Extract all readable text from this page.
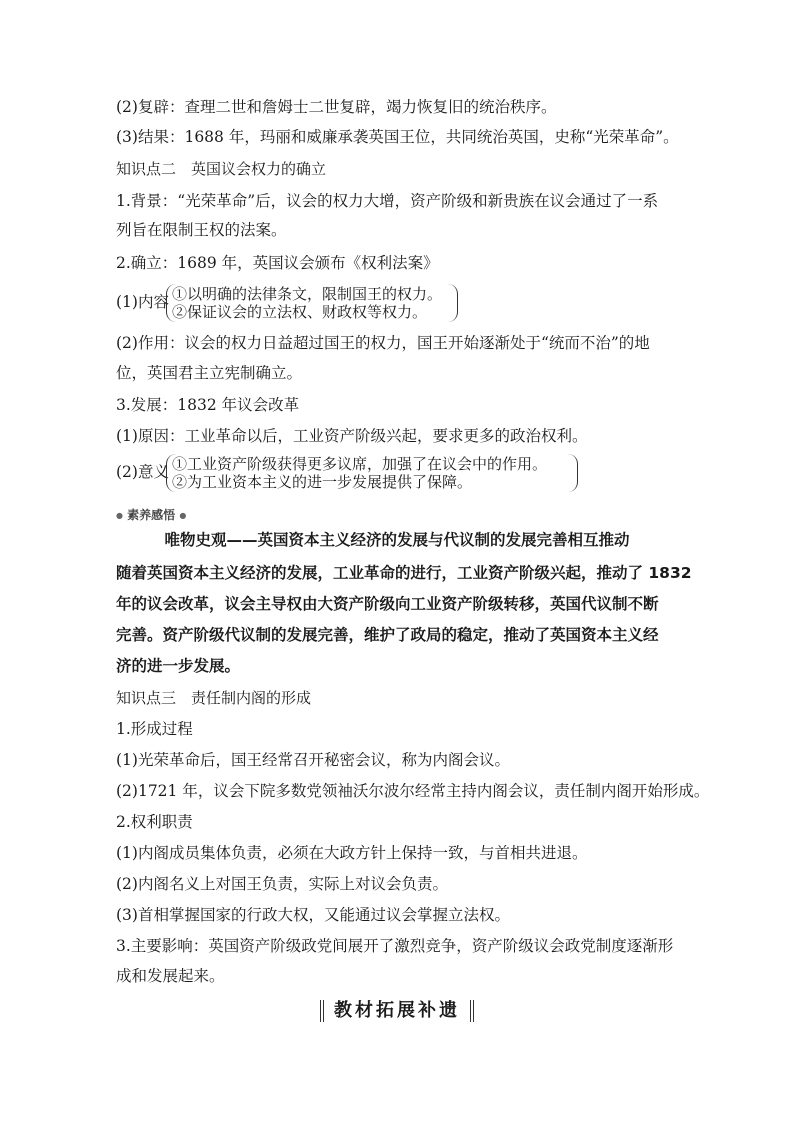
(2)复辟：查理二世和詹姆士二世复辟，竭力恢复旧的统治秩序。
(3)结果：1688 年，玛丽和威廉承袭英国王位，共同统治英国，史称“光荣革命”。
知识点二　英国议会权力的确立
1.背景：“光荣革命”后，议会的权力大增，资产阶级和新贵族在议会通过了一系
列旨在限制王权的法案。
2.确立：1689 年，英国议会颁布《权利法案》
(1)内容 ①以明确的法律条文，限制国王的权力。
②保证议会的立法权、财政权等权力。
(2)作用：议会的权力日益超过国王的权力，国王开始逐渐处于“统而不治”的地
位，英国君主立宪制确立。
3.发展：1832 年议会改革
(1)原因：工业革命以后，工业资产阶级兴起，要求更多的政治权利。
(2)意义 ①工业资产阶级获得更多议席，加强了在议会中的作用。
②为工业资本主义的进一步发展提供了保障。
● 素养感悟 ●
唯物史观——英国资本主义经济的发展与代议制的发展完善相互推动
随着英国资本主义经济的发展，工业革命的进行，工业资产阶级兴起，推动了 1832
年的议会改革，议会主导权由大资产阶级向工业资产阶级转移，英国代议制不断
完善。资产阶级代议制的发展完善，维护了政局的稳定，推动了英国资本主义经
济的进一步发展。
知识点三　责任制内阁的形成
1.形成过程
(1)光荣革命后，国王经常召开秘密会议，称为内阁会议。
(2)1721 年，议会下院多数党领袖沃尔波尔经常主持内阁会议，责任制内阁开始形成。
2.权利职责
(1)内阁成员集体负责，必须在大政方针上保持一致，与首相共进退。
(2)内阁名义上对国王负责，实际上对议会负责。
(3)首相掌握国家的行政大权，又能通过议会掌握立法权。
3.主要影响：英国资产阶级政党间展开了激烈竞争，资产阶级议会政党制度逐渐形
成和发展起来。
教材拓展补遗
